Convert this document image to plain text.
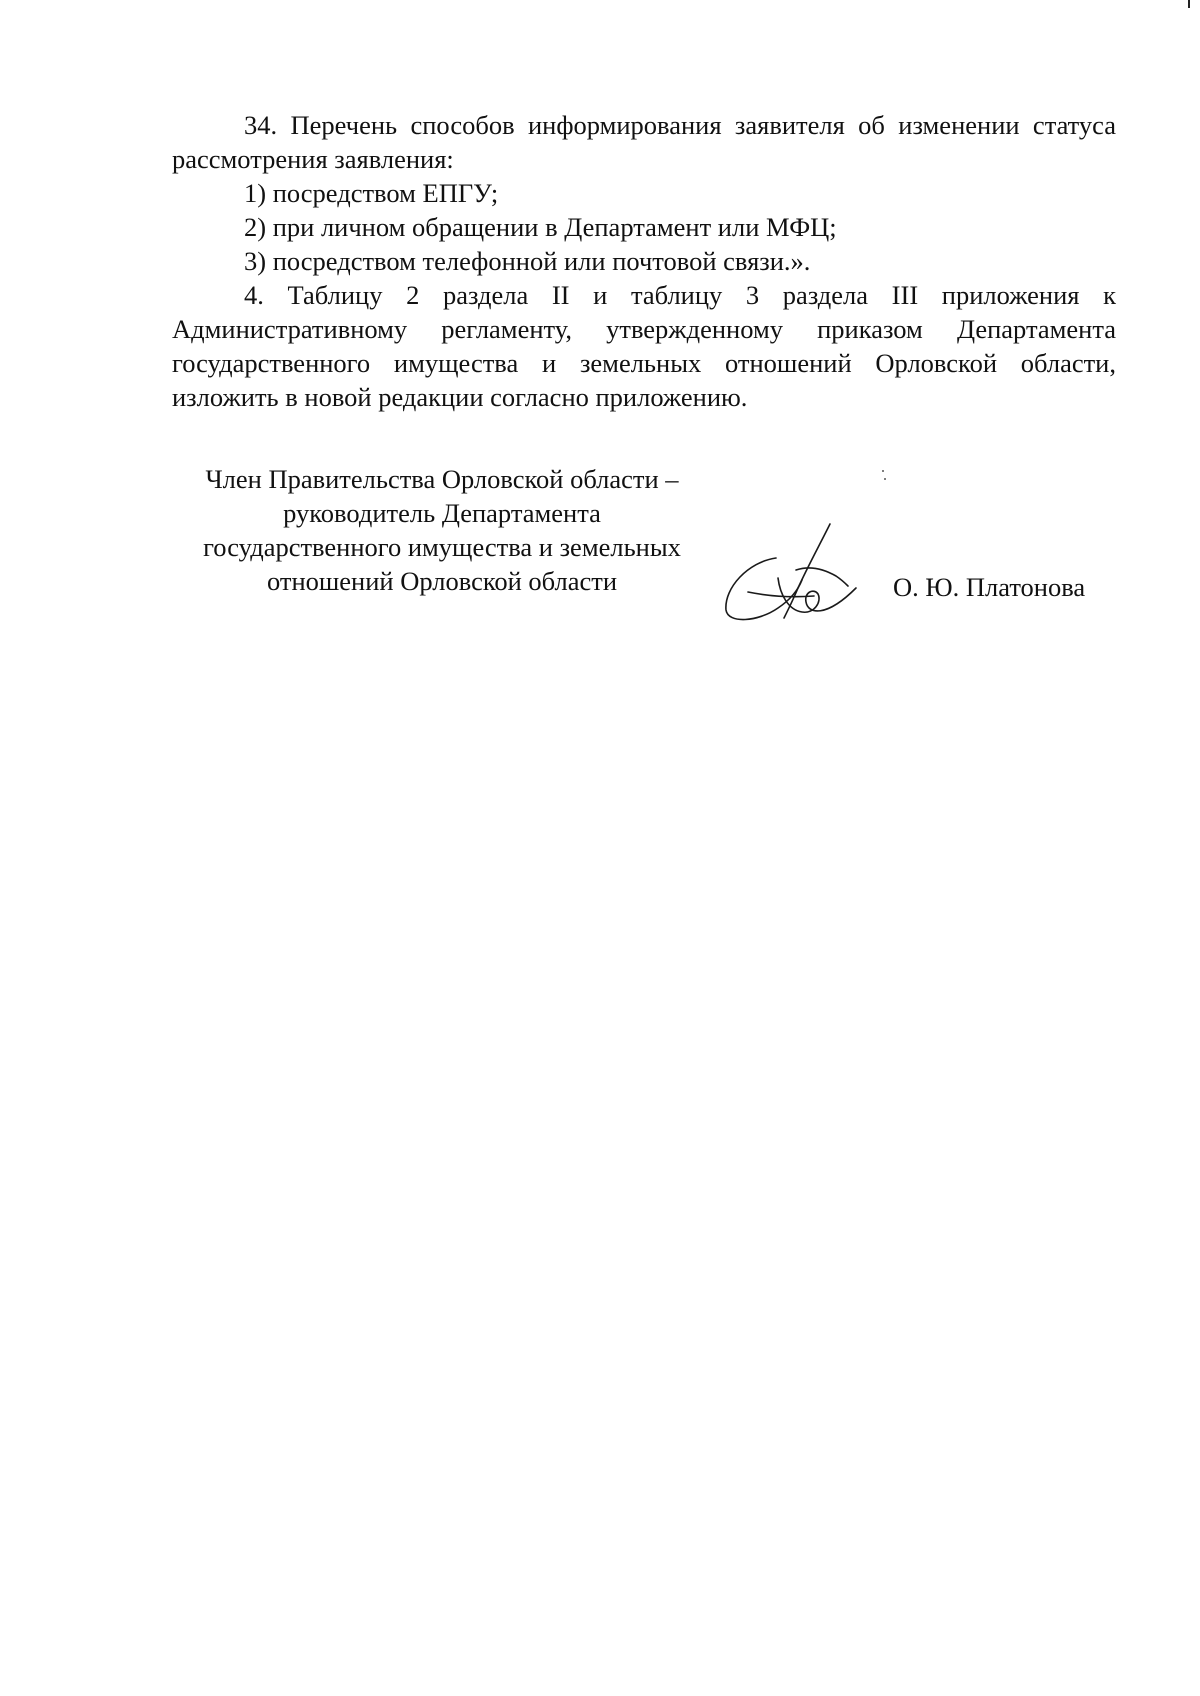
34. Перечень способов информирования заявителя об изменении статуса рассмотрения заявления:

1) посредством ЕПГУ;

2) при личном обращении в Департамент или МФЦ;

3) посредством телефонной или почтовой связи.».

4. Таблицу 2 раздела II и таблицу 3 раздела III приложения к Административному регламенту, утвержденному приказом Департамента государственного имущества и земельных отношений Орловской области, изложить в новой редакции согласно приложению.

Член Правительства Орловской области –
руководитель Департамента
государственного имущества и земельных
отношений Орловской области	О. Ю. Платонова
